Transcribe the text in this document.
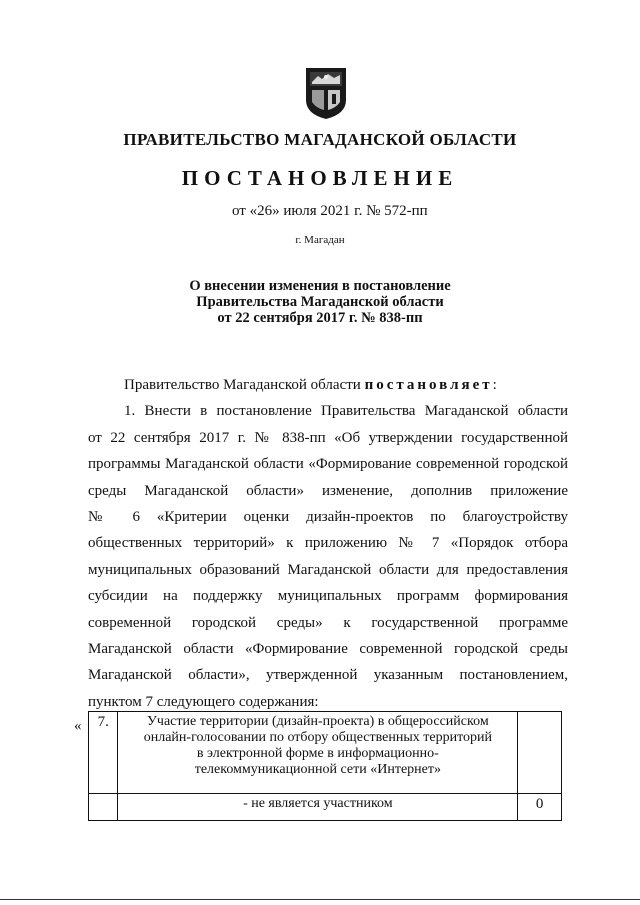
ПРАВИТЕЛЬСТВО МАГАДАНСКОЙ ОБЛАСТИ
ПОСТАНОВЛЕНИЕ
от «26» июля 2021 г. № 572-пп
г. Магадан
О внесении изменения в постановление
Правительства Магаданской области
от 22 сентября 2017 г. № 838-пп
Правительство Магаданской области постановляет:
1. Внести в постановление Правительства Магаданской области
от 22 сентября 2017 г. № 838-пп «Об утверждении государственной
программы Магаданской области «Формирование современной городской
среды Магаданской области» изменение, дополнив приложение
№ 6 «Критерии оценки дизайн-проектов по благоустройству
общественных территорий» к приложению № 7 «Порядок отбора
муниципальных образований Магаданской области для предоставления
субсидии на поддержку муниципальных программ формирования
современной городской среды» к государственной программе
Магаданской области «Формирование современной городской среды
Магаданской области», утвержденной указанным постановлением,
пунктом 7 следующего содержания:
« 7.	Участие территории (дизайн-проекта) в общероссийском
онлайн-голосовании по отбору общественных территорий
в электронной форме в информационно-
телекоммуникационной сети «Интернет»	

	- не является участником	0
